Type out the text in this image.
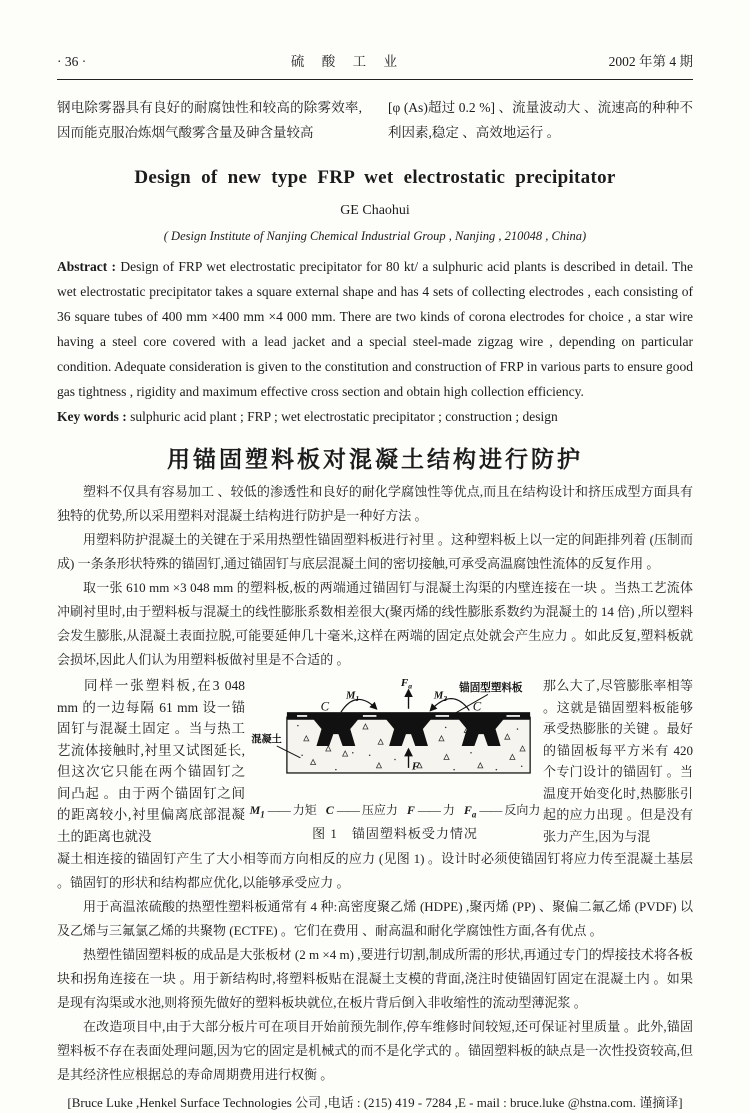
· 36 ·	硫 酸 工 业	2002 年第 4 期

钢电除雾器具有良好的耐腐蚀性和较高的除雾效率,因而能克服冶炼烟气酸雾含量及砷含量较高

[φ (As)超过 0.2 %] 、流量波动大 、流速高的种种不利因素,稳定 、高效地运行 。

Design of new type FRP wet electrostatic precipitator
GE Chaohui
( Design Institute of Nanjing Chemical Industrial Group , Nanjing , 210048 , China)

Abstract : Design of FRP wet electrostatic precipitator for 80 kt/ a sulphuric acid plants is described in detail. The wet electrostatic precipitator takes a square external shape and has 4 sets of collecting electrodes , each consisting of 36 square tubes of 400 mm ×400 mm ×4 000 mm. There are two kinds of corona electrodes for choice , a star wire having a steel core covered with a lead jacket and a special steel-made zigzag wire , depending on particular condition. Adequate consideration is given to the constitution and construction of FRP in various parts to ensure good gas tightness , rigidity and maximum effective cross section and obtain high collection efficiency.

Key words : sulphuric acid plant ; FRP ; wet electrostatic precipitator ; construction ; design

用锚固塑料板对混凝土结构进行防护

塑料不仅具有容易加工 、较低的渗透性和良好的耐化学腐蚀性等优点,而且在结构设计和挤压成型方面具有独特的优势,所以采用塑料对混凝土结构进行防护是一种好方法 。

用塑料防护混凝土的关键在于采用热塑性锚固塑料板进行衬里 。这种塑料板上以一定的间距排列着 (压制而成) 一条条形状特殊的锚固钉,通过锚固钉与底层混凝土间的密切接触,可承受高温腐蚀性流体的反复作用 。

取一张 610 mm ×3 048 mm 的塑料板,板的两端通过锚固钉与混凝土沟渠的内壁连接在一块 。当热工艺流体冲刷衬里时,由于塑料板与混凝土的线性膨胀系数相差很大(聚丙烯的线性膨胀系数约为混凝土的 14 倍) ,所以塑料会发生膨胀,从混凝土表面拉脱,可能要延伸几十毫米,这样在两端的固定点处就会产生应力 。如此反复,塑料板就会损坏,因此人们认为用塑料板做衬里是不合适的 。

同样一张塑料板,在3 048 mm 的一边每隔 61 mm 设一锚固钉与混凝土固定 。当与热工艺流体接触时,衬里又试图延长,但这次它只能在两个锚固钉之间凸起 。由于两个锚固钉之间的距离较小,衬里偏离底部混凝土的距离也就没

$F_a$
$M_1$	$M_2$
C	C
F
锚固型塑料板
混凝土
$M_1$ —— 力矩 C —— 压应力 F —— 力 $F_a$ —— 反向力
图 1　锚固塑料板受力情况

那么大了,尽管膨胀率相等 。这就是锚固塑料板能够承受热膨胀的关键 。最好的锚固板每平方米有 420 个专门设计的锚固钉 。当温度开始变化时,热膨胀引起的应力出现 。但是没有张力产生,因为与混

凝土相连接的锚固钉产生了大小相等而方向相反的应力 (见图 1) 。设计时必须使锚固钉将应力传至混凝土基层 。锚固钉的形状和结构都应优化,以能够承受应力 。

用于高温浓硫酸的热塑性塑料板通常有 4 种:高密度聚乙烯 (HDPE) ,聚丙烯 (PP) 、聚偏二氟乙烯 (PVDF) 以及乙烯与三氟氯乙烯的共聚物 (ECTFE) 。它们在费用 、耐高温和耐化学腐蚀性方面,各有优点 。

热塑性锚固塑料板的成品是大张板材 (2 m ×4 m) ,要进行切割,制成所需的形状,再通过专门的焊接技术将各板块和拐角连接在一块 。用于新结构时,将塑料板贴在混凝土支模的背面,浇注时使锚固钉固定在混凝土内 。如果是现有沟渠或水池,则将预先做好的塑料板块就位,在板片背后倒入非收缩性的流动型薄泥浆 。

在改造项目中,由于大部分板片可在项目开始前预先制作,停车维修时间较短,还可保证衬里质量 。此外,锚固塑料板不存在表面处理问题,因为它的固定是机械式的而不是化学式的 。锚固塑料板的缺点是一次性投资较高,但是其经济性应根据总的寿命周期费用进行权衡 。

[Bruce Luke ,Henkel Surface Technologies 公司 ,电话 : (215) 419 - 7284 ,E - mail : bruce.luke @hstna.com. 谨摘译]
